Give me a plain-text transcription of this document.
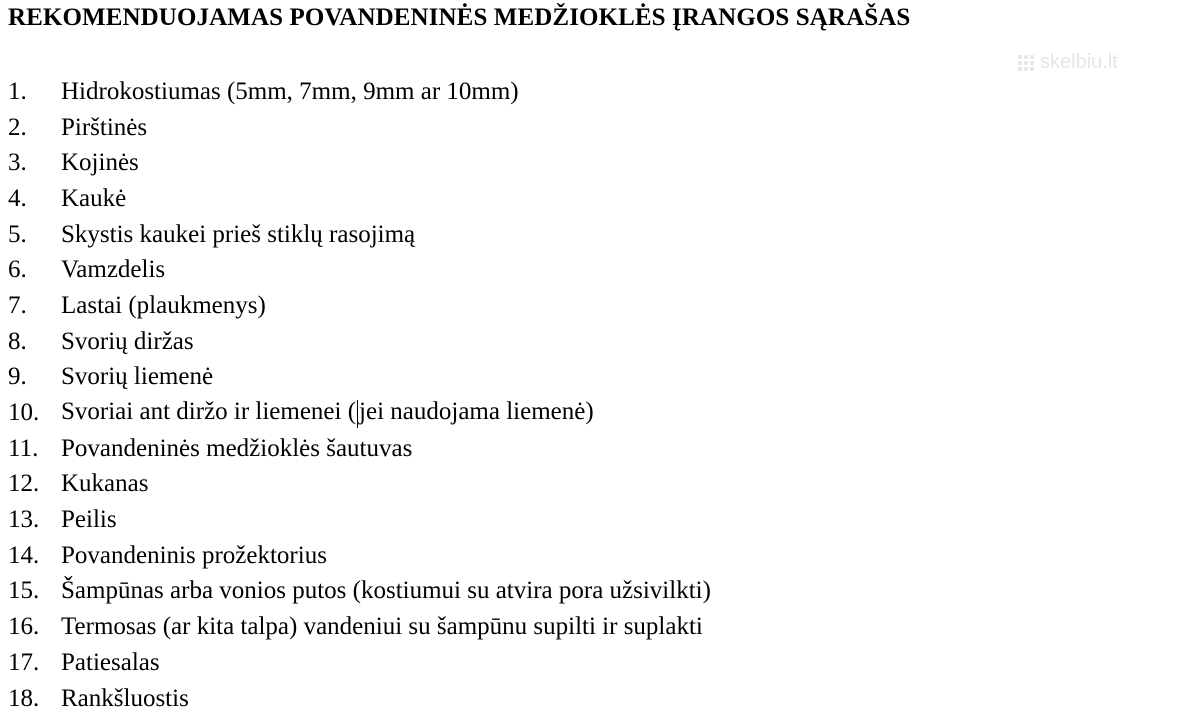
REKOMENDUOJAMAS POVANDENINĖS MEDŽIOKLĖS ĮRANGOS SĄRAŠAS
skelbiu.lt
1.	Hidrokostiumas (5mm, 7mm, 9mm ar 10mm)
2.	Pirštinės
3.	Kojinės
4.	Kaukė
5.	Skystis kaukei prieš stiklų rasojimą
6.	Vamzdelis
7.	Lastai (plaukmenys)
8.	Svorių diržas
9.	Svorių liemenė
10. Svoriai ant diržo ir liemenei ( jei naudojama liemenė)
11. Povandeninės medžioklės šautuvas
12. Kukanas
13. Peilis
14. Povandeninis prožektorius
15. Šampūnas arba vonios putos (kostiumui su atvira pora užsivilkti)
16. Termosas (ar kita talpa) vandeniui su šampūnu supilti ir suplakti
17. Patiesalas
18. Rankšluostis
